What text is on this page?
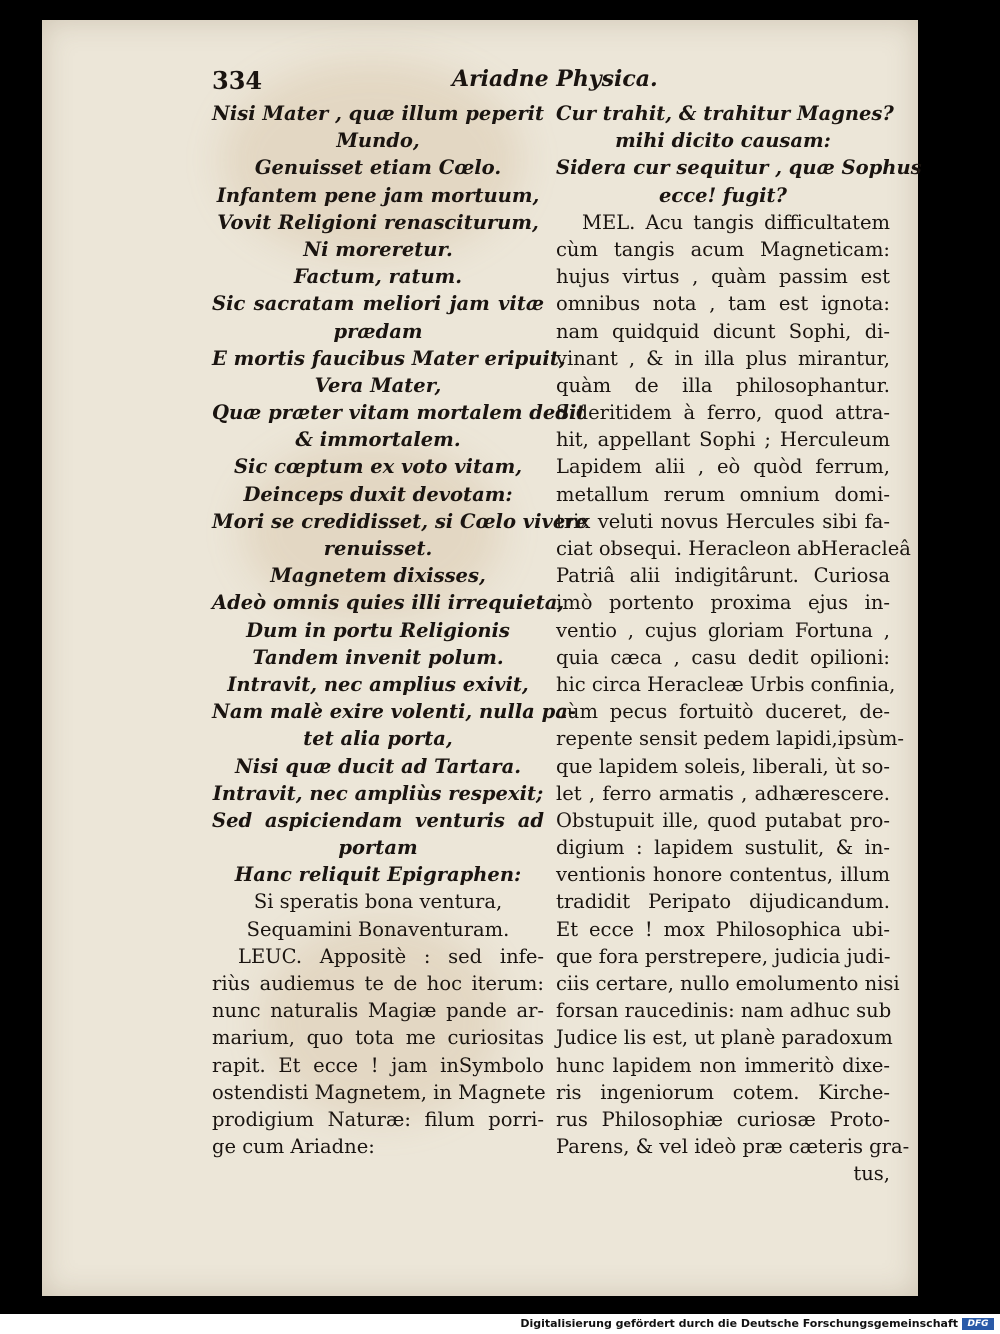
334	Ariadne Physica.
Nisi Mater , quæ illum peperit
Mundo,
Genuisset etiam Cœlo.
Infantem pene jam mortuum,
Vovit Religioni renasciturum,
Ni moreretur.
Factum, ratum.
Sic sacratam meliori jam vitæ
prædam
E mortis faucibus Mater eripuit,
Vera Mater,
Quæ præter vitam mortalem dedit
& immortalem.
Sic cœptum ex voto vitam,
Deinceps duxit devotam:
Mori se credidisset, si Cœlo vivere
renuisset.
Magnetem dixisses,
Adeò omnis quies illi irrequieta,
Dum in portu Religionis
Tandem invenit polum.
Intravit, nec amplius exivit,
Nam malè exire volenti, nulla pa-
tet alia porta,
Nisi quæ ducit ad Tartara.
Intravit, nec ampliùs respexit;
Sed aspiciendam venturis ad
portam
Hanc reliquit Epigraphen:
Si speratis bona ventura,
Sequamini Bonaventuram.
LEUC. Appositè : sed infe-
riùs audiemus te de hoc iterum:
nunc naturalis Magiæ pande ar-
marium, quo tota me curiositas
rapit. Et ecce ! jam inSymbolo
ostendisti Magnetem, in Magnete
prodigium Naturæ: filum porri-
ge cum Ariadne:
Cur trahit, & trahitur Magnes?
mihi dicito causam:
Sidera cur sequitur , quæ Sophus
ecce! fugit?
MEL. Acu tangis difficultatem
cùm tangis acum Magneticam:
hujus virtus , quàm passim est
omnibus nota , tam est ignota:
nam quidquid dicunt Sophi, di-
vinant , & in illa plus mirantur,
quàm de illa philosophantur.
Sideritidem à ferro, quod attra-
hit, appellant Sophi ; Herculeum
Lapidem alii , eò quòd ferrum,
metallum rerum omnium domi-
trix veluti novus Hercules sibi fa-
ciat obsequi. Heracleon abHeracleâ
Patriâ alii indigitârunt. Curiosa
imò portento proxima ejus in-
ventio , cujus gloriam Fortuna ,
quia cæca , casu dedit opilioni:
hic circa Heracleæ Urbis confinia,
cùm pecus fortuitò duceret, de-
repente sensit pedem lapidi,ipsùm-
que lapidem soleis, liberali, ùt so-
let , ferro armatis , adhærescere.
Obstupuit ille, quod putabat pro-
digium : lapidem sustulit, & in-
ventionis honore contentus, illum
tradidit Peripato dijudicandum.
Et ecce ! mox Philosophica ubi-
que fora perstrepere, judicia judi-
ciis certare, nullo emolumento nisi
forsan raucedinis: nam adhuc sub
Judice lis est, ut planè paradoxum
hunc lapidem non immeritò dixe-
ris ingeniorum cotem. Kirche-
rus Philosophiæ curiosæ Proto-
Parens, & vel ideò præ cæteris gra-
tus,
Digitalisierung gefördert durch die Deutsche Forschungsgemeinschaft	DFG
